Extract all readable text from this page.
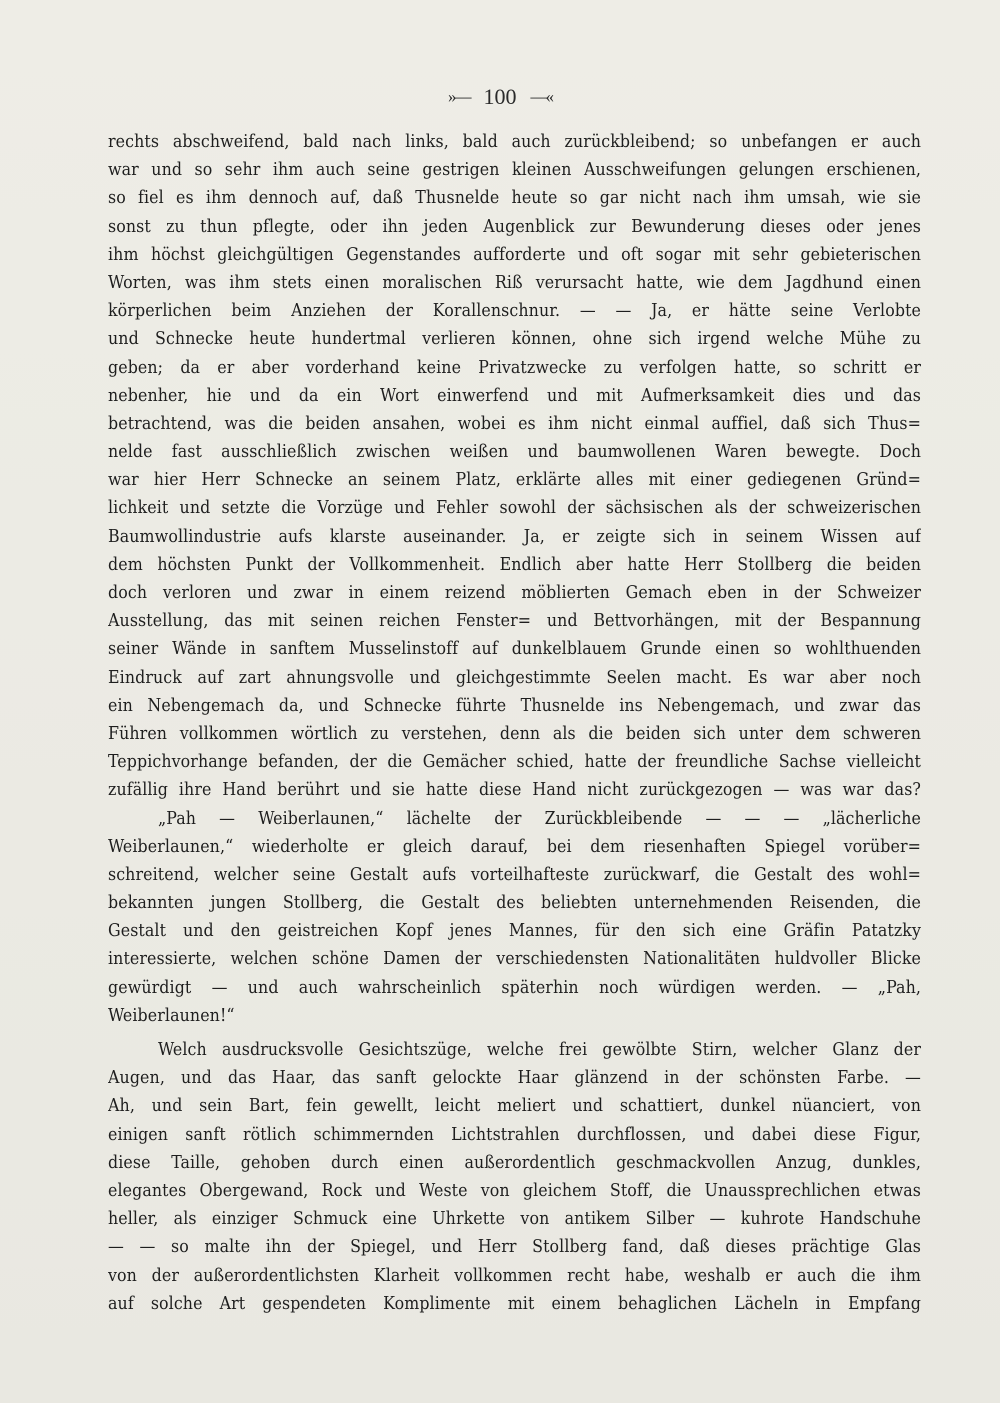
»— 100 —«
rechts abschweifend, bald nach links, bald auch zurückbleibend; so unbefangen er auch
war und so sehr ihm auch seine gestrigen kleinen Ausschweifungen gelungen erschienen,
so fiel es ihm dennoch auf, daß Thusnelde heute so gar nicht nach ihm umsah, wie sie
sonst zu thun pflegte, oder ihn jeden Augenblick zur Bewunderung dieses oder jenes
ihm höchst gleichgültigen Gegenstandes aufforderte und oft sogar mit sehr gebieterischen
Worten, was ihm stets einen moralischen Riß verursacht hatte, wie dem Jagdhund einen
körperlichen beim Anziehen der Korallenschnur. — — Ja, er hätte seine Verlobte
und Schnecke heute hundertmal verlieren können, ohne sich irgend welche Mühe zu
geben; da er aber vorderhand keine Privatzwecke zu verfolgen hatte, so schritt er
nebenher, hie und da ein Wort einwerfend und mit Aufmerksamkeit dies und das
betrachtend, was die beiden ansahen, wobei es ihm nicht einmal auffiel, daß sich Thus=
nelde fast ausschließlich zwischen weißen und baumwollenen Waren bewegte. Doch
war hier Herr Schnecke an seinem Platz, erklärte alles mit einer gediegenen Gründ=
lichkeit und setzte die Vorzüge und Fehler sowohl der sächsischen als der schweizerischen
Baumwollindustrie aufs klarste auseinander. Ja, er zeigte sich in seinem Wissen auf
dem höchsten Punkt der Vollkommenheit. Endlich aber hatte Herr Stollberg die beiden
doch verloren und zwar in einem reizend möblierten Gemach eben in der Schweizer
Ausstellung, das mit seinen reichen Fenster= und Bettvorhängen, mit der Bespannung
seiner Wände in sanftem Musselinstoff auf dunkelblauem Grunde einen so wohlthuenden
Eindruck auf zart ahnungsvolle und gleichgestimmte Seelen macht. Es war aber noch
ein Nebengemach da, und Schnecke führte Thusnelde ins Nebengemach, und zwar das
Führen vollkommen wörtlich zu verstehen, denn als die beiden sich unter dem schweren
Teppichvorhange befanden, der die Gemächer schied, hatte der freundliche Sachse vielleicht
zufällig ihre Hand berührt und sie hatte diese Hand nicht zurückgezogen — was war das?
„Pah — Weiberlaunen,“ lächelte der Zurückbleibende — — — „lächerliche
Weiberlaunen,“ wiederholte er gleich darauf, bei dem riesenhaften Spiegel vorüber=
schreitend, welcher seine Gestalt aufs vorteilhafteste zurückwarf, die Gestalt des wohl=
bekannten jungen Stollberg, die Gestalt des beliebten unternehmenden Reisenden, die
Gestalt und den geistreichen Kopf jenes Mannes, für den sich eine Gräfin Patatzky
interessierte, welchen schöne Damen der verschiedensten Nationalitäten huldvoller Blicke
gewürdigt — und auch wahrscheinlich späterhin noch würdigen werden. — „Pah,
Weiberlaunen!“
Welch ausdrucksvolle Gesichtszüge, welche frei gewölbte Stirn, welcher Glanz der
Augen, und das Haar, das sanft gelockte Haar glänzend in der schönsten Farbe. —
Ah, und sein Bart, fein gewellt, leicht meliert und schattiert, dunkel nüanciert, von
einigen sanft rötlich schimmernden Lichtstrahlen durchflossen, und dabei diese Figur,
diese Taille, gehoben durch einen außerordentlich geschmackvollen Anzug, dunkles,
elegantes Obergewand, Rock und Weste von gleichem Stoff, die Unaussprechlichen etwas
heller, als einziger Schmuck eine Uhrkette von antikem Silber — kuhrote Handschuhe
— — so malte ihn der Spiegel, und Herr Stollberg fand, daß dieses prächtige Glas
von der außerordentlichsten Klarheit vollkommen recht habe, weshalb er auch die ihm
auf solche Art gespendeten Komplimente mit einem behaglichen Lächeln in Empfang
